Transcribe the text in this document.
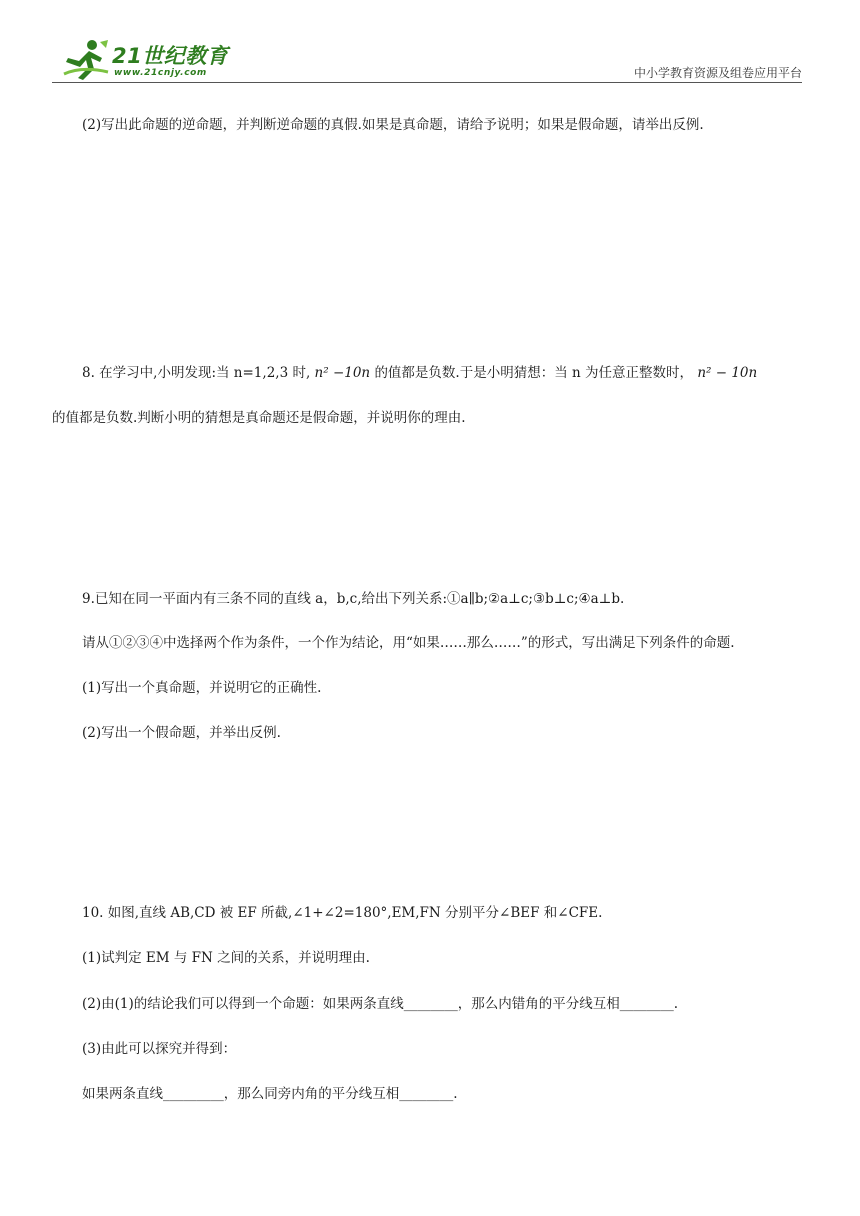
21世纪教育
www.21cnjy.com	中小学教育资源及组卷应用平台
(2)写出此命题的逆命题，并判断逆命题的真假.如果是真命题，请给予说明；如果是假命题，请举出反例.
8. 在学习中,小明发现:当 n=1,2,3 时, n² −10n 的值都是负数.于是小明猜想：当 n 为任意正整数时， n² − 10n
的值都是负数.判断小明的猜想是真命题还是假命题，并说明你的理由.
9.已知在同一平面内有三条不同的直线 a，b,c,给出下列关系:①a∥b;②a⊥c;③b⊥c;④a⊥b.
请从①②③④中选择两个作为条件，一个作为结论，用“如果……那么……”的形式，写出满足下列条件的命题.
(1)写出一个真命题，并说明它的正确性.
(2)写出一个假命题，并举出反例.
10. 如图,直线 AB,CD 被 EF 所截,∠1+∠2=180°,EM,FN 分别平分∠BEF 和∠CFE.
(1)试判定 EM 与 FN 之间的关系，并说明理由.
(2)由(1)的结论我们可以得到一个命题：如果两条直线________，那么内错角的平分线互相________.
(3)由此可以探究并得到：
如果两条直线_________，那么同旁内角的平分线互相________.
